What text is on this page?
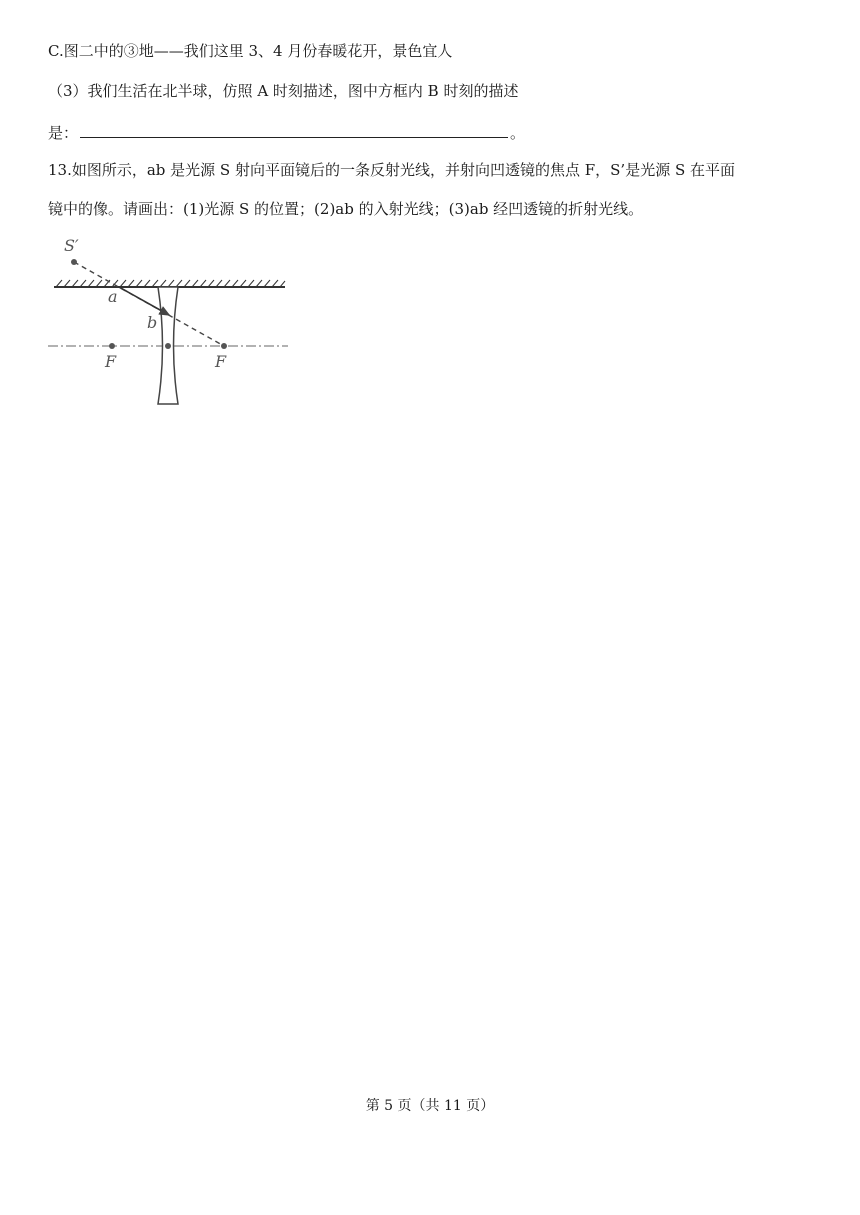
C.图二中的③地——我们这里 3、4 月份春暖花开，景色宜人
（3）我们生活在北半球，仿照 A 时刻描述，图中方框内 B 时刻的描述
是：	。
13.如图所示，ab 是光源 S 射向平面镜后的一条反射光线，并射向凹透镜的焦点 F，S’是光源 S 在平面
镜中的像。请画出：(1)光源 S 的位置；(2)ab 的入射光线；(3)ab 经凹透镜的折射光线。
S′
a
b
F	F
第 5 页（共 11 页）
